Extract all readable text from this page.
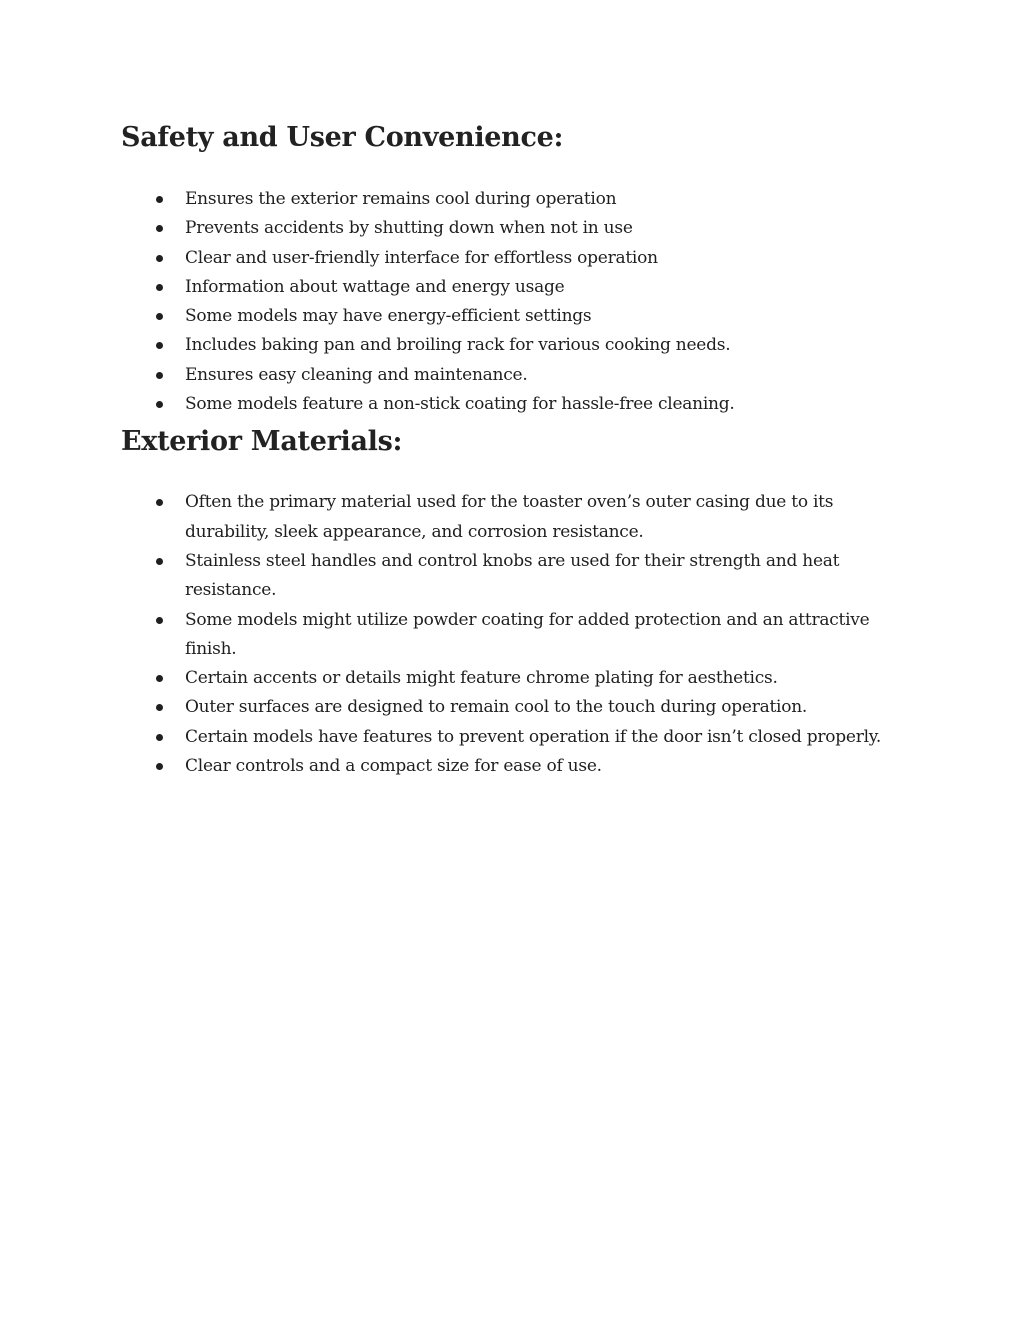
Safety and User Convenience:
Ensures the exterior remains cool during operation
Prevents accidents by shutting down when not in use
Clear and user-friendly interface for effortless operation
Information about wattage and energy usage
Some models may have energy-efficient settings
Includes baking pan and broiling rack for various cooking needs.
Ensures easy cleaning and maintenance.
Some models feature a non-stick coating for hassle-free cleaning.
Exterior Materials:
Often the primary material used for the toaster oven’s outer casing due to its durability, sleek appearance, and corrosion resistance.
Stainless steel handles and control knobs are used for their strength and heat resistance.
Some models might utilize powder coating for added protection and an attractive finish.
Certain accents or details might feature chrome plating for aesthetics.
Outer surfaces are designed to remain cool to the touch during operation.
Certain models have features to prevent operation if the door isn’t closed properly.
Clear controls and a compact size for ease of use.
